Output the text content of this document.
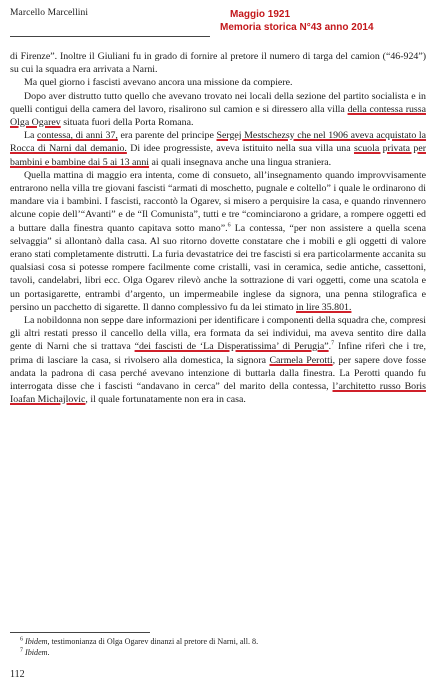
Marcello Marcellini	Maggio 1921
Memoria storica N°43 anno 2014

di Firenze”. Inoltre il Giuliani fu in grado di fornire al pretore il numero di targa del camion (“46-924”) su cui la squadra era arrivata a Narni.

Ma quel giorno i fascisti avevano ancora una missione da compiere.

Dopo aver distrutto tutto quello che avevano trovato nei locali della sezione del partito socialista e in quelli contigui della camera del lavoro, risalirono sul camion e si diressero alla villa della contessa russa Olga Ogarev situata fuori della Porta Romana.

La contessa, di anni 37, era parente del principe Sergej Mestschezsy che nel 1906 aveva acquistato la Rocca di Narni dal demanio. Di idee progressiste, aveva istituito nella sua villa una scuola privata per bambini e bambine dai 5 ai 13 anni ai quali insegnava anche una lingua straniera.

Quella mattina di maggio era intenta, come di consueto, all’insegnamento quando improvvisamente entrarono nella villa tre giovani fascisti “armati di moschetto, pugnale e coltello” i quale le ordinarono di mandare via i bambini. I fascisti, raccontò la Ogarev, si misero a perquisire la casa, e quando rinvennero alcune copie dell’“Avanti” e de “Il Comunista”, tutti e tre “cominciarono a gridare, a rompere oggetti ed a buttare dalla finestra quanto capitava sotto mano”.$^6$ La contessa, “per non assistere a quella scena selvaggia” si allontanò dalla casa. Al suo ritorno dovette constatare che i mobili e gli oggetti di valore erano stati completamente distrutti. La furia devastatrice dei tre fascisti si era particolarmente accanita su qualsiasi cosa si potesse rompere facilmente come cristalli, vasi in ceramica, sedie antiche, cassettoni, tavoli, candelabri, libri ecc. Olga Ogarev rilevò anche la sottrazione di vari oggetti, come una scatola e un portasigarette, entrambi d’argento, un impermeabile inglese da signora, una penna stilografica e persino un pacchetto di sigarette. Il danno complessivo fu da lei stimato in lire 35.801.

La nobildonna non seppe dare informazioni per identificare i componenti della squadra che, compresi gli altri restati presso il cancello della villa, era formata da sei individui, ma aveva sentito dire dalla gente di Narni che si trattava “dei fascisti de ‘La Disperatissima’ di Perugia”.$^7$ Infine riferì che i tre, prima di lasciare la casa, si rivolsero alla domestica, la signora Carmela Perotti, per sapere dove fosse andata la padrona di casa perché avevano intenzione di buttarla dalla finestra. La Perotti quando fu interrogata disse che i fascisti “andavano in cerca” del marito della contessa, l’architetto russo Boris Ioafan Michajlovic, il quale fortunatamente non era in casa.

$^6$ Ibidem, testimonianza di Olga Ogarev dinanzi al pretore di Narni, all. 8.
$^7$ Ibidem.
112
